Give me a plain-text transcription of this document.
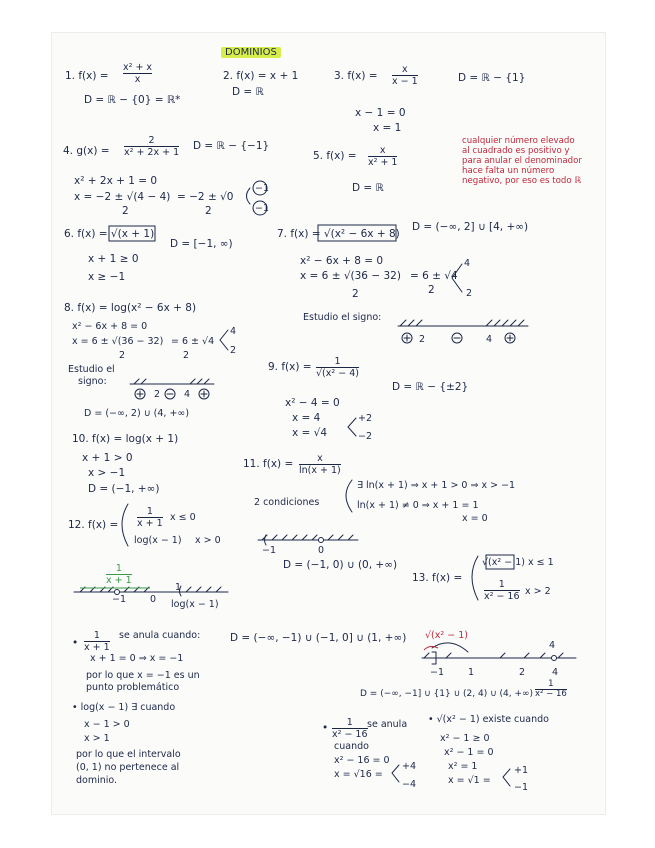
DOMINIOS
1. f(x) =
x² + x
x
D = ℝ − {0} = ℝ*
2. f(x) = x + 1
D = ℝ
3. f(x) =
x
x − 1	D = ℝ − {1}
x − 1 = 0
x = 1
4. g(x) =
2
x² + 2x + 1
D = ℝ − {−1}
x² + 2x + 1 = 0
x = −2 ± √(4 − 4)
2
= −2 ± √0
2
−1
−1
5. f(x) = x
x² + 1
D = ℝ
cualquier número elevado al cuadrado es positivo y para anular el denominador hace falta un número negativo, por eso es todo ℝ
6. f(x) = √(x + 1)
D = [−1, ∞)
x + 1 ≥ 0
x ≥ −1
7. f(x) = √(x² − 6x + 8)
D = (−∞, 2] ∪ [4, +∞)
x² − 6x + 8 = 0
x = 6 ± √(36 − 32)
2
= 6 ± √4
2
4
2
Estudio el signo:
2	4
8. f(x) = log(x² − 6x + 8)
x² − 6x + 8 = 0
x = 6 ± √(36 − 32)
2
= 6 ± √4
2
4
2
Estudio el
signo:
2	4
D = (−∞, 2) ∪ (4, +∞)
9. f(x) = 1
√(x² − 4)
D = ℝ − {±2}
x² − 4 = 0
x = 4
x = √4
+2
−2
10. f(x) = log(x + 1)
x + 1 > 0
x > −1
D = (−1, +∞)
11. f(x) =	x
ln(x + 1)
2 condiciones
∃ ln(x + 1) ⇒ x + 1 > 0 ⇒ x > −1
ln(x + 1) ≠ 0 ⇒ x + 1 = 1
x = 0
−1	0
D = (−1, 0) ∪ (0, +∞)
12. f(x) =
1
x + 1
x ≤ 0
log(x − 1) x > 0
1
x + 1
log(x − 1)
−1	0
1
D = (−∞, −1) ∪ (−1, 0] ∪ (1, +∞)
•
1
x + 1
se anula cuando:
x + 1 = 0 ⇒ x = −1
por lo que x = −1 es un
punto problemático
• log(x − 1) ∃ cuando
x − 1 > 0
x > 1
por lo que el intervalo
(0, 1) no pertenece al
dominio.
13. f(x) =
√(x² − 1) x ≤ 1
1
x² − 16 x > 2
√(x² − 1)
4
−1	1	2	4
D = (−∞, −1] ∪ {1} ∪ (2, 4) ∪ (4, +∞)
1
x² − 16
• 1
x² − 16
se anula
cuando
x² − 16 = 0
x = √16 =
+4
−4
• √(x² − 1) existe cuando
x² − 1 ≥ 0
x² − 1 = 0
x² = 1
x = √1 =
+1
−1
